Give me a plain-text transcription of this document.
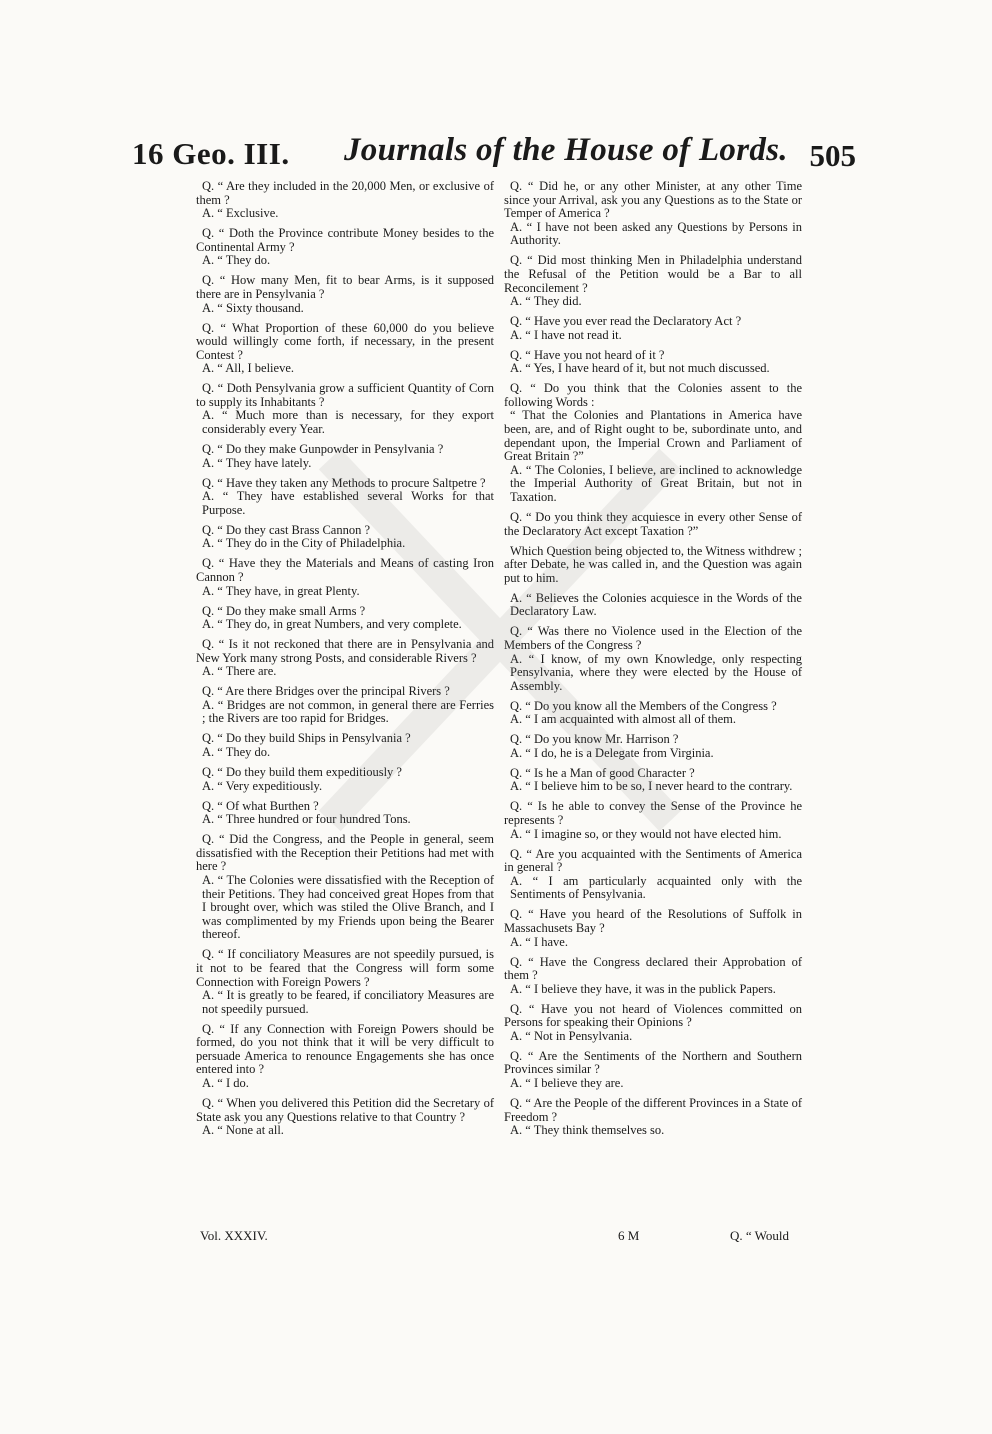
16 Geo. III. Journals of the House of Lords. 505

Q. “ Are they included in the 20,000 Men, or exclusive of them ?

A. “ Exclusive.

Q. “ Doth the Province contribute Money besides to the Continental Army ?

A. “ They do.

Q. “ How many Men, fit to bear Arms, is it supposed there are in Pensylvania ?

A. “ Sixty thousand.

Q. “ What Proportion of these 60,000 do you believe would willingly come forth, if necessary, in the present Contest ?

A. “ All, I believe.

Q. “ Doth Pensylvania grow a sufficient Quantity of Corn to supply its Inhabitants ?

A. “ Much more than is necessary, for they export considerably every Year.

Q. “ Do they make Gunpowder in Pensylvania ?

A. “ They have lately.

Q. “ Have they taken any Methods to procure Saltpetre ?

A. “ They have established several Works for that Purpose.

Q. “ Do they cast Brass Cannon ?

A. “ They do in the City of Philadelphia.

Q. “ Have they the Materials and Means of casting Iron Cannon ?

A. “ They have, in great Plenty.

Q. “ Do they make small Arms ?

A. “ They do, in great Numbers, and very complete.

Q. “ Is it not reckoned that there are in Pensylvania and New York many strong Posts, and considerable Rivers ?

A. “ There are.

Q. “ Are there Bridges over the principal Rivers ?

A. “ Bridges are not common, in general there are Ferries ; the Rivers are too rapid for Bridges.

Q. “ Do they build Ships in Pensylvania ?

A. “ They do.

Q. “ Do they build them expeditiously ?

A. “ Very expeditiously.

Q. “ Of what Burthen ?

A. “ Three hundred or four hundred Tons.

Q. “ Did the Congress, and the People in general, seem dissatisfied with the Reception their Petitions had met with here ?

A. “ The Colonies were dissatisfied with the Reception of their Petitions. They had conceived great Hopes from that I brought over, which was stiled the Olive Branch, and I was complimented by my Friends upon being the Bearer thereof.

Q. “ If conciliatory Measures are not speedily pursued, is it not to be feared that the Congress will form some Connection with Foreign Powers ?

A. “ It is greatly to be feared, if conciliatory Measures are not speedily pursued.

Q. “ If any Connection with Foreign Powers should be formed, do you not think that it will be very difficult to persuade America to renounce Engagements she has once entered into ?

A. “ I do.

Q. “ When you delivered this Petition did the Secretary of State ask you any Questions relative to that Country ?

A. “ None at all.

Q. “ Did he, or any other Minister, at any other Time since your Arrival, ask you any Questions as to the State or Temper of America ?

A. “ I have not been asked any Questions by Persons in Authority.

Q. “ Did most thinking Men in Philadelphia understand the Refusal of the Petition would be a Bar to all Reconcilement ?

A. “ They did.

Q. “ Have you ever read the Declaratory Act ?

A. “ I have not read it.

Q. “ Have you not heard of it ?

A. “ Yes, I have heard of it, but not much discussed.

Q. “ Do you think that the Colonies assent to the following Words :

“ That the Colonies and Plantations in America have been, are, and of Right ought to be, subordinate unto, and dependant upon, the Imperial Crown and Parliament of Great Britain ?”

A. “ The Colonies, I believe, are inclined to acknowledge the Imperial Authority of Great Britain, but not in Taxation.

Q. “ Do you think they acquiesce in every other Sense of the Declaratory Act except Taxation ?”

Which Question being objected to, the Witness withdrew ; after Debate, he was called in, and the Question was again put to him.

A. “ Believes the Colonies acquiesce in the Words of the Declaratory Law.

Q. “ Was there no Violence used in the Election of the Members of the Congress ?

A. “ I know, of my own Knowledge, only respecting Pensylvania, where they were elected by the House of Assembly.

Q. “ Do you know all the Members of the Congress ?

A. “ I am acquainted with almost all of them.

Q. “ Do you know Mr. Harrison ?

A. “ I do, he is a Delegate from Virginia.

Q. “ Is he a Man of good Character ?

A. “ I believe him to be so, I never heard to the contrary.

Q. “ Is he able to convey the Sense of the Province he represents ?

A. “ I imagine so, or they would not have elected him.

Q. “ Are you acquainted with the Sentiments of America in general ?

A. “ I am particularly acquainted only with the Sentiments of Pensylvania.

Q. “ Have you heard of the Resolutions of Suffolk in Massachusets Bay ?

A. “ I have.

Q. “ Have the Congress declared their Approbation of them ?

A. “ I believe they have, it was in the publick Papers.

Q. “ Have you not heard of Violences committed on Persons for speaking their Opinions ?

A. “ Not in Pensylvania.

Q. “ Are the Sentiments of the Northern and Southern Provinces similar ?

A. “ I believe they are.

Q. “ Are the People of the different Provinces in a State of Freedom ?

A. “ They think themselves so.

Vol. XXXIV.	6 M	Q. “ Would
